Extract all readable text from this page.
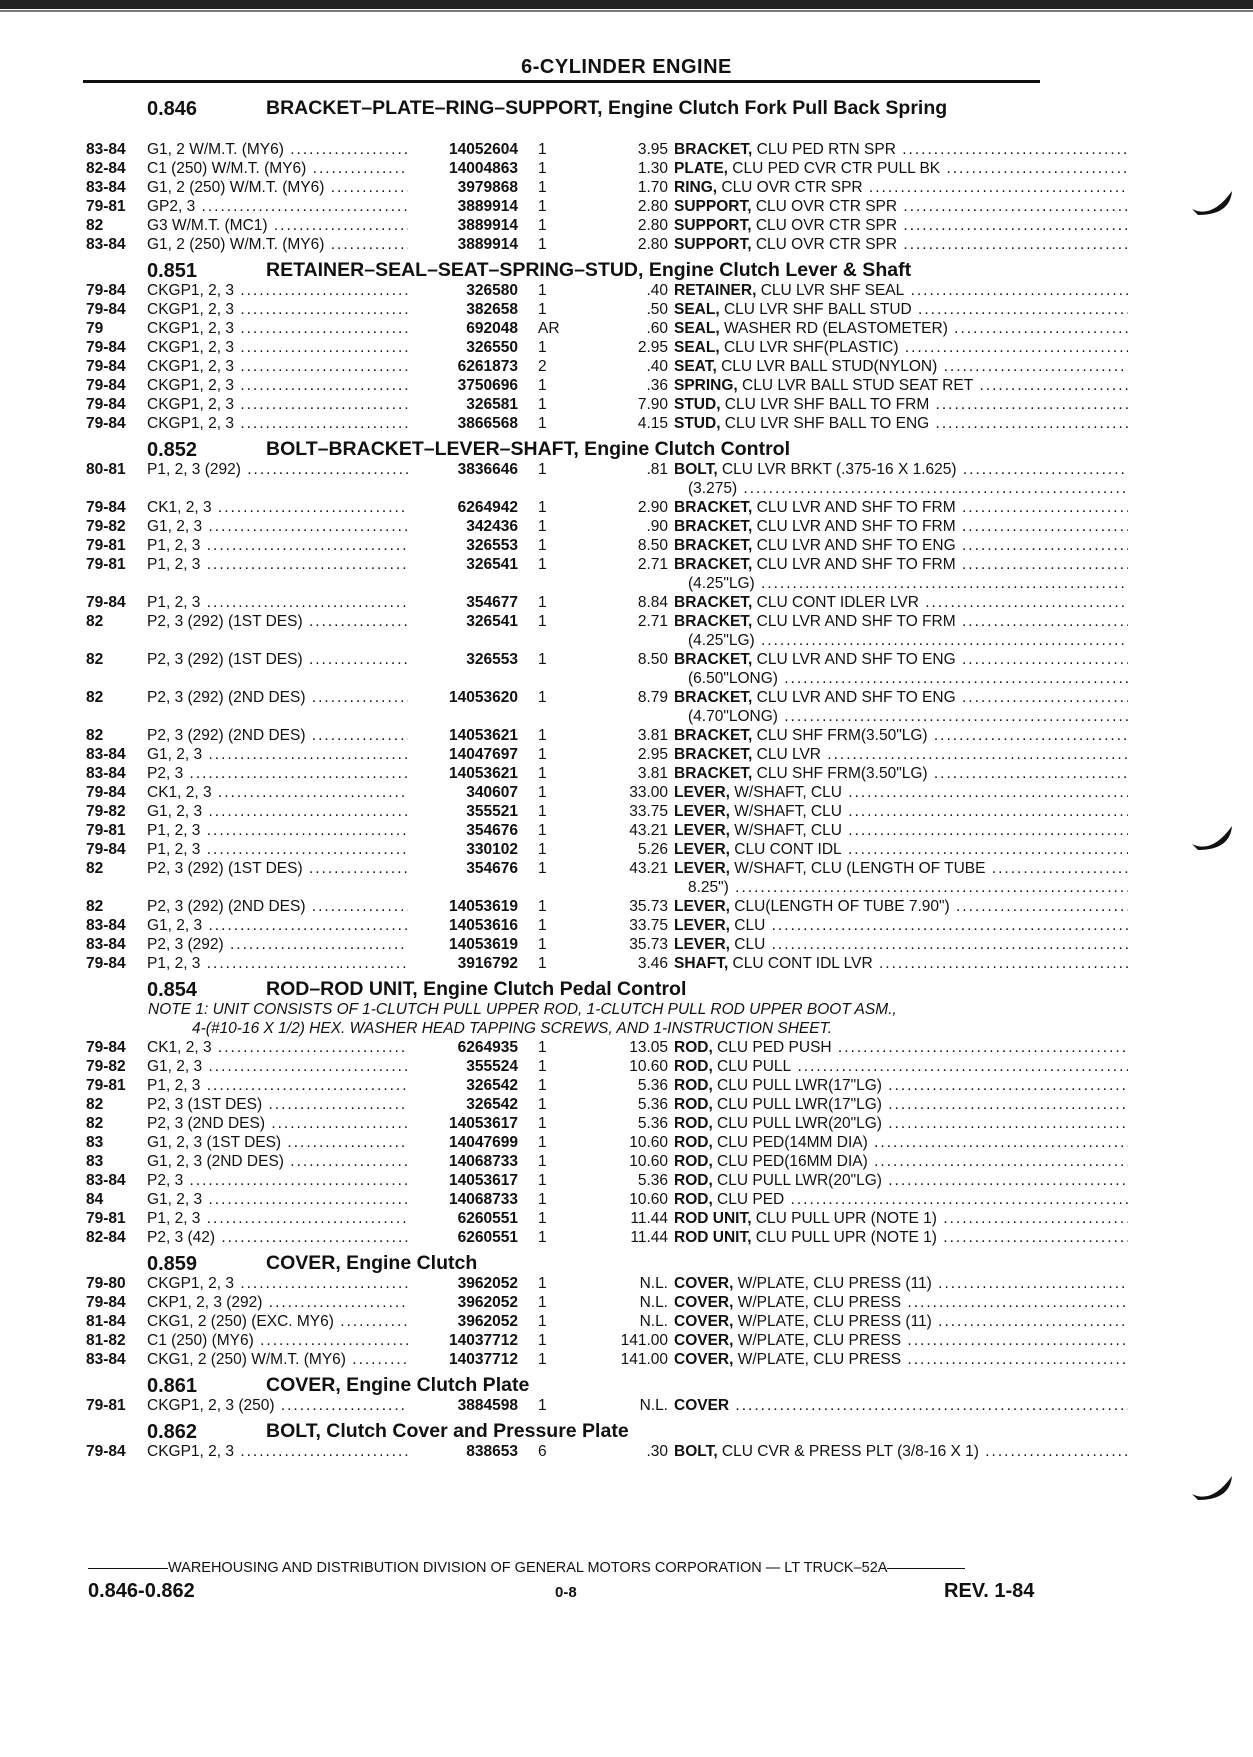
6-CYLINDER ENGINE
0.846	BRACKET–PLATE–RING–SUPPORT, Engine Clutch Fork Pull Back Spring
83-84	G1, 2 W/M.T. (MY6) .....	14052604 1	3.95 BRACKET, CLU PED RTN SPR .....
82-84	C1 (250) W/M.T. (MY6) .....	14004863 1	1.30 PLATE, CLU PED CVR CTR PULL BK .....
83-84	G1, 2 (250) W/M.T. (MY6) .....	3979868 1	1.70 RING, CLU OVR CTR SPR .....
79-81	GP2, 3 .....	3889914 1	2.80 SUPPORT, CLU OVR CTR SPR .....
82	G3 W/M.T. (MC1) .....	3889914 1	2.80 SUPPORT, CLU OVR CTR SPR .....
83-84	G1, 2 (250) W/M.T. (MY6) .....	3889914 1	2.80 SUPPORT, CLU OVR CTR SPR .....
0.851	RETAINER–SEAL–SEAT–SPRING–STUD, Engine Clutch Lever & Shaft
79-84	CKGP1, 2, 3 .....	326580 1	.40 RETAINER, CLU LVR SHF SEAL .....
79-84	CKGP1, 2, 3 .....	382658 1	.50 SEAL, CLU LVR SHF BALL STUD .....
79	CKGP1, 2, 3 .....	692048 AR	.60 SEAL, WASHER RD (ELASTOMETER) .....
79-84	CKGP1, 2, 3 .....	326550 1	2.95 SEAL, CLU LVR SHF(PLASTIC) .....
79-84	CKGP1, 2, 3 .....	6261873 2	.40 SEAT, CLU LVR BALL STUD(NYLON) .....
79-84	CKGP1, 2, 3 .....	3750696 1	.36 SPRING, CLU LVR BALL STUD SEAT RET .....
79-84	CKGP1, 2, 3 .....	326581 1	7.90 STUD, CLU LVR SHF BALL TO FRM .....
79-84	CKGP1, 2, 3 .....	3866568 1	4.15 STUD, CLU LVR SHF BALL TO ENG .....
0.852	BOLT–BRACKET–LEVER–SHAFT, Engine Clutch Control
80-81	P1, 2, 3 (292) .....	3836646 1	.81 BOLT, CLU LVR BRKT (.375-16 X 1.625) .....
(3.275) .....
79-84	CK1, 2, 3 .....	6264942 1	2.90 BRACKET, CLU LVR AND SHF TO FRM .....
79-82	G1, 2, 3 .....	342436 1	.90 BRACKET, CLU LVR AND SHF TO FRM .....
79-81	P1, 2, 3 .....	326553 1	8.50 BRACKET, CLU LVR AND SHF TO ENG .....
79-81	P1, 2, 3 .....	326541 1	2.71 BRACKET, CLU LVR AND SHF TO FRM .....
(4.25"LG) .....
79-84	P1, 2, 3 .....	354677 1	8.84 BRACKET, CLU CONT IDLER LVR .....
82	P2, 3 (292) (1ST DES) .....	326541 1	2.71 BRACKET, CLU LVR AND SHF TO FRM .....
(4.25"LG) .....
82	P2, 3 (292) (1ST DES) .....	326553 1	8.50 BRACKET, CLU LVR AND SHF TO ENG .....
(6.50"LONG) .....
82	P2, 3 (292) (2ND DES) .....	14053620 1	8.79 BRACKET, CLU LVR AND SHF TO ENG .....
(4.70"LONG) .....
82	P2, 3 (292) (2ND DES) .....	14053621 1	3.81 BRACKET, CLU SHF FRM(3.50"LG) .....
83-84	G1, 2, 3 .....	14047697 1	2.95 BRACKET, CLU LVR .....
83-84	P2, 3 .....	14053621 1	3.81 BRACKET, CLU SHF FRM(3.50"LG) .....
79-84	CK1, 2, 3 .....	340607 1	33.00 LEVER, W/SHAFT, CLU .....
79-82	G1, 2, 3 .....	355521 1	33.75 LEVER, W/SHAFT, CLU .....
79-81	P1, 2, 3 .....	354676 1	43.21 LEVER, W/SHAFT, CLU .....
79-84	P1, 2, 3 .....	330102 1	5.26 LEVER, CLU CONT IDL .....
82	P2, 3 (292) (1ST DES) .....	354676 1	43.21 LEVER, W/SHAFT, CLU (LENGTH OF TUBE .....
8.25") .....
82	P2, 3 (292) (2ND DES) .....	14053619 1	35.73 LEVER, CLU(LENGTH OF TUBE 7.90") .....
83-84	G1, 2, 3 .....	14053616 1	33.75 LEVER, CLU .....
83-84	P2, 3 (292) .....	14053619 1	35.73 LEVER, CLU .....
79-84	P1, 2, 3 .....	3916792 1	3.46 SHAFT, CLU CONT IDL LVR .....
0.854	ROD–ROD UNIT, Engine Clutch Pedal Control
NOTE 1: UNIT CONSISTS OF 1-CLUTCH PULL UPPER ROD, 1-CLUTCH PULL ROD UPPER BOOT ASM.,
4-(#10-16 X 1/2) HEX. WASHER HEAD TAPPING SCREWS, AND 1-INSTRUCTION SHEET.
79-84	CK1, 2, 3 .....	6264935 1	13.05 ROD, CLU PED PUSH .....
79-82	G1, 2, 3 .....	355524 1	10.60 ROD, CLU PULL .....
79-81	P1, 2, 3 .....	326542 1	5.36 ROD, CLU PULL LWR(17"LG) .....
82	P2, 3 (1ST DES) .....	326542 1	5.36 ROD, CLU PULL LWR(17"LG) .....
82	P2, 3 (2ND DES) .....	14053617 1	5.36 ROD, CLU PULL LWR(20"LG) .....
83	G1, 2, 3 (1ST DES) .....	14047699 1	10.60 ROD, CLU PED(14MM DIA) .....
83	G1, 2, 3 (2ND DES) .....	14068733 1	10.60 ROD, CLU PED(16MM DIA) .....
83-84	P2, 3 .....	14053617 1	5.36 ROD, CLU PULL LWR(20"LG) .....
84	G1, 2, 3 .....	14068733 1	10.60 ROD, CLU PED .....
79-81	P1, 2, 3 .....	6260551 1	11.44 ROD UNIT, CLU PULL UPR (NOTE 1) .....
82-84	P2, 3 (42) .....	6260551 1	11.44 ROD UNIT, CLU PULL UPR (NOTE 1) .....
0.859	COVER, Engine Clutch
79-80	CKGP1, 2, 3 .....	3962052 1	N.L. COVER, W/PLATE, CLU PRESS (11) .....
79-84	CKP1, 2, 3 (292) .....	3962052 1	N.L. COVER, W/PLATE, CLU PRESS .....
81-84	CKG1, 2 (250) (EXC. MY6) .....	3962052 1	N.L. COVER, W/PLATE, CLU PRESS (11) .....
81-82	C1 (250) (MY6) .....	14037712 1	141.00 COVER, W/PLATE, CLU PRESS .....
83-84	CKG1, 2 (250) W/M.T. (MY6) .....	14037712 1	141.00 COVER, W/PLATE, CLU PRESS .....
0.861	COVER, Engine Clutch Plate
79-81	CKGP1, 2, 3 (250) .....	3884598 1	N.L. COVER .....
0.862	BOLT, Clutch Cover and Pressure Plate
79-84	CKGP1, 2, 3 .....	838653 6	.30 BOLT, CLU CVR & PRESS PLT (3/8-16 X 1) .....
WAREHOUSING AND DISTRIBUTION DIVISION OF GENERAL MOTORS CORPORATION — LT TRUCK–52A
0.846-0.862	0-8	REV. 1-84
